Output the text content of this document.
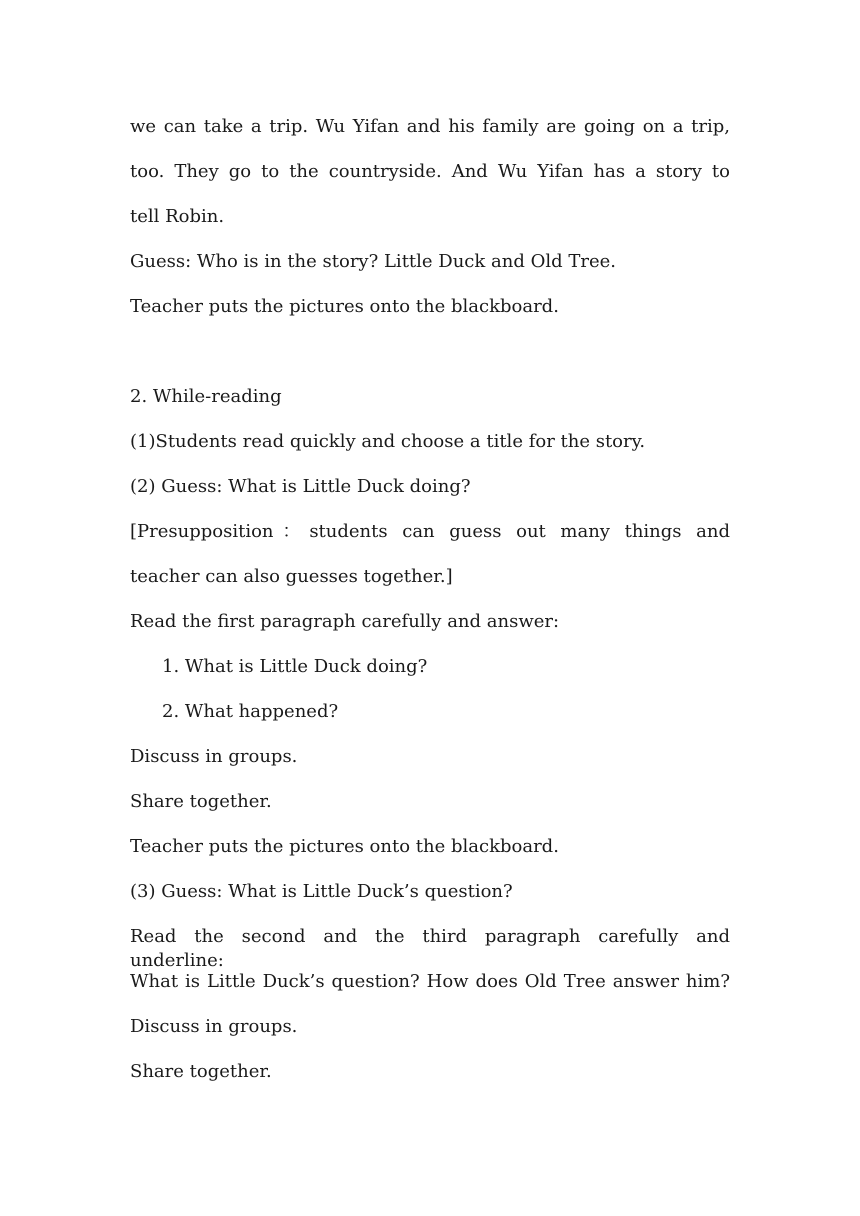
we can take a trip. Wu Yifan and his family are going on a trip,
too. They go to the countryside. And Wu Yifan has a story to
tell Robin.
Guess: Who is in the story? Little Duck and Old Tree.
Teacher puts the pictures onto the blackboard.
2. While-reading
(1)Students read quickly and choose a title for the story.
(2) Guess: What is Little Duck doing?
[Presupposition：students can guess out many things and
teacher can also guesses together.]
Read the first paragraph carefully and answer:
1. What is Little Duck doing?
2. What happened?
Discuss in groups.
Share together.
Teacher puts the pictures onto the blackboard.
(3) Guess: What is Little Duck’s question?
Read the second and the third paragraph carefully and underline:
What is Little Duck’s question? How does Old Tree answer him?
Discuss in groups.
Share together.
